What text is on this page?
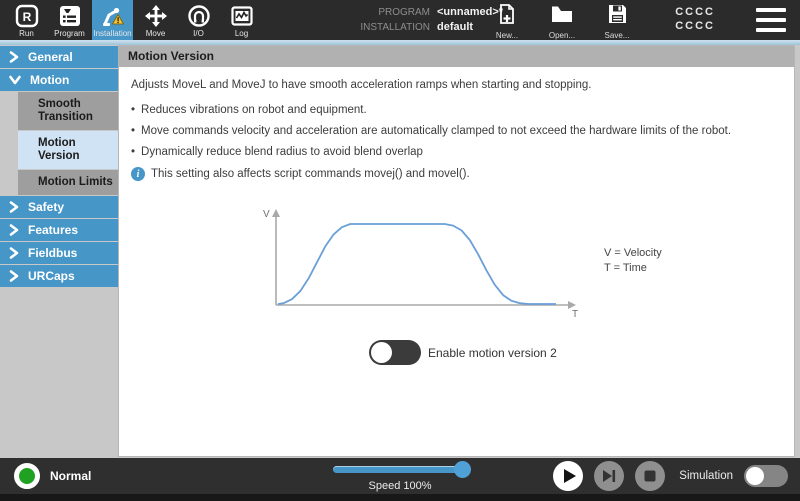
R
Run	Program Installation Move	I/O	Log
PROGRAM <unnamed>*
INSTALLATION default
New...	Open...	Save...
CCCC
CCCC
General
Motion
Smooth Transition
Motion Version
Motion Limits
Safety
Features
Fieldbus
URCaps
Motion Version
Adjusts MoveL and MoveJ to have smooth acceleration ramps when starting and stopping.
• Reduces vibrations on robot and equipment.
• Move commands velocity and acceleration are automatically clamped to not exceed the hardware limits of the robot.
• Dynamically reduce blend radius to avoid blend overlap
i	This setting also affects script commands movej() and movel().
V
T
V = Velocity
T = Time
Enable motion version 2
Normal
Speed 100%
Simulation
